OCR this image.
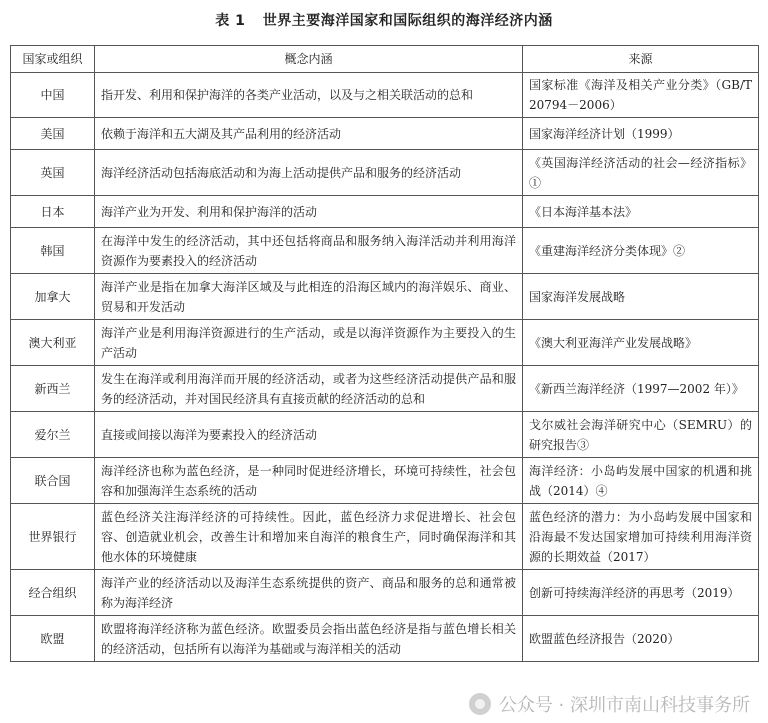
表 1 世界主要海洋国家和国际组织的海洋经济内涵
国家或组织	概念内涵	来源
中国	指开发、利用和保护海洋的各类产业活动，以及与之相关联活动的总和	国家标准《海洋及相关产业分类》（GB/T 20794－2006）
美国	依赖于海洋和五大湖及其产品利用的经济活动	国家海洋经济计划（1999）
英国	海洋经济活动包括海底活动和为海上活动提供产品和服务的经济活动	《英国海洋经济活动的社会—经济指标》①
日本	海洋产业为开发、利用和保护海洋的活动	《日本海洋基本法》
韩国	在海洋中发生的经济活动，其中还包括将商品和服务纳入海洋活动并利用海洋资源作为要素投入的经济活动	《重建海洋经济分类体现》②
加拿大	海洋产业是指在加拿大海洋区域及与此相连的沿海区域内的海洋娱乐、商业、贸易和开发活动	国家海洋发展战略
澳大利亚	海洋产业是利用海洋资源进行的生产活动，或是以海洋资源作为主要投入的生产活动	《澳大利亚海洋产业发展战略》
新西兰	发生在海洋或利用海洋而开展的经济活动，或者为这些经济活动提供产品和服务的经济活动，并对国民经济具有直接贡献的经济活动的总和	《新西兰海洋经济（1997—2002 年）》
爱尔兰	直接或间接以海洋为要素投入的经济活动	戈尔威社会海洋研究中心（SEMRU）的研究报告③
联合国	海洋经济也称为蓝色经济，是一种同时促进经济增长，环境可持续性，社会包容和加强海洋生态系统的活动	海洋经济：小岛屿发展中国家的机遇和挑战（2014）④
世界银行	蓝色经济关注海洋经济的可持续性。因此，蓝色经济力求促进增长、社会包容、创造就业机会，改善生计和增加来自海洋的粮食生产，同时确保海洋和其他水体的环境健康	蓝色经济的潜力：为小岛屿发展中国家和沿海最不发达国家增加可持续利用海洋资源的长期效益（2017）
经合组织	海洋产业的经济活动以及海洋生态系统提供的资产、商品和服务的总和通常被称为海洋经济	创新可持续海洋经济的再思考（2019）
欧盟	欧盟将海洋经济称为蓝色经济。欧盟委员会指出蓝色经济是指与蓝色增长相关的经济活动，包括所有以海洋为基础或与海洋相关的活动	欧盟蓝色经济报告（2020）
公众号 · 深圳市南山科技事务所
